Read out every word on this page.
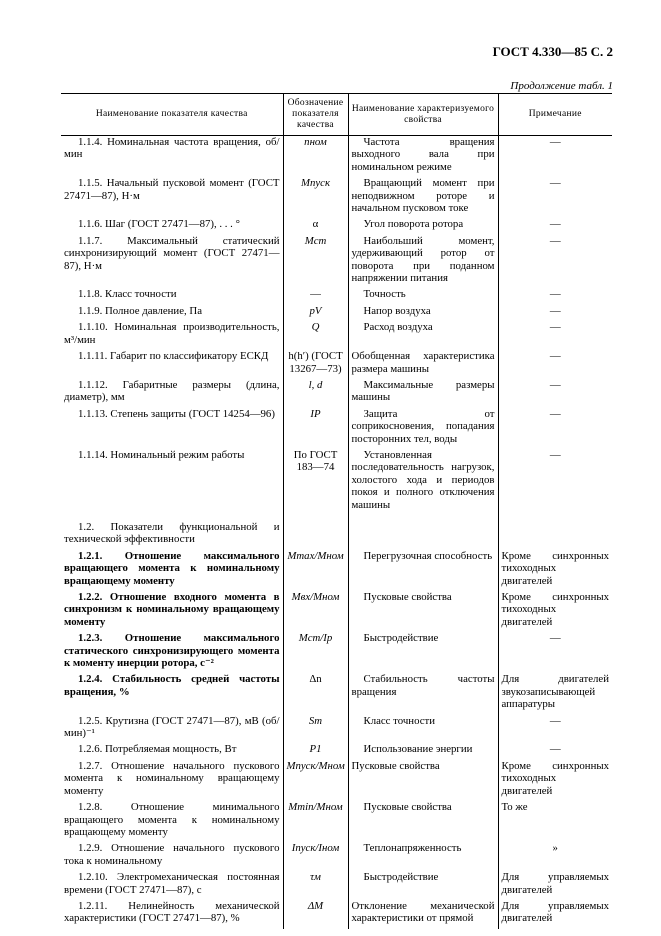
ГОСТ 4.330—85 С. 2
Продолжение табл. 1
Наименование показателя качества	Обозначение показателя качества	Наименование характеризуемого свойства	Примечание
1.1.4. Номинальная частота вращения, об/мин	nном	Частота вращения выходного вала при номинальном режиме	—
1.1.5. Начальный пусковой момент (ГОСТ 27471—87), Н·м	Mпуск	Вращающий момент при неподвижном роторе и начальном пусковом токе	—
1.1.6. Шаг (ГОСТ 27471—87), . . . °	α	Угол поворота ротора	—
1.1.7. Максимальный статический синхронизирующий момент (ГОСТ 27471—87), Н·м	Mст	Наибольший момент, удерживающий ротор от поворота при поданном напряжении питания	—
1.1.8. Класс точности	—	Точность	—
1.1.9. Полное давление, Па	pV	Напор воздуха	—
1.1.10. Номинальная производительность, м³/мин	Q	Расход воздуха	—
1.1.11. Габарит по классификатору ЕСКД	h(h′) (ГОСТ 13267—73)	Обобщенная характеристика размера машины	—
1.1.12. Габаритные размеры (длина, диаметр), мм	l, d	Максимальные размеры машины	—
1.1.13. Степень защиты (ГОСТ 14254—96)	IP	Защита от соприкосновения, попадания посторонних тел, воды	—
1.1.14. Номинальный режим работы	По ГОСТ 183—74	Установленная последовательность нагрузок, холостого хода и периодов покоя и полного отключения машины	—
1.2. Показатели функциональной и технической эффективности			
1.2.1. Отношение максимального вращающего момента к номинальному вращающему моменту	Mmax/Mном	Перегрузочная способность	Кроме синхронных тихоходных двигателей
1.2.2. Отношение входного момента в синхронизм к номинальному вращающему моменту	Mвх/Mном	Пусковые свойства	Кроме синхронных тихоходных двигателей
1.2.3. Отношение максимального статического синхронизирующего момента к моменту инерции ротора, с⁻²	Mст/Iр	Быстродействие	—
1.2.4. Стабильность средней частоты вращения, %	Δn	Стабильность частоты вращения	Для двигателей звукозаписывающей аппаратуры
1.2.5. Крутизна (ГОСТ 27471—87), мВ (об/мин)⁻¹	Sт	Класс точности	—
1.2.6. Потребляемая мощность, Вт	P1	Использование энергии	—
1.2.7. Отношение начального пускового момента к номинальному вращающему моменту	Mпуск/Mном	Пусковые свойства	Кроме синхронных тихоходных двигателей
1.2.8. Отношение минимального вращающего момента к номинальному вращающему моменту	Mmin/Mном	Пусковые свойства	То же
1.2.9. Отношение начального пускового тока к номинальному	Iпуск/Iном	Теплонапряженность	»
1.2.10. Электромеханическая постоянная времени (ГОСТ 27471—87), с	τм	Быстродействие	Для управляемых двигателей
1.2.11. Нелинейность механической характеристики (ГОСТ 27471—87), %	ΔM	Отклонение механической характеристики от прямой	Для управляемых двигателей
